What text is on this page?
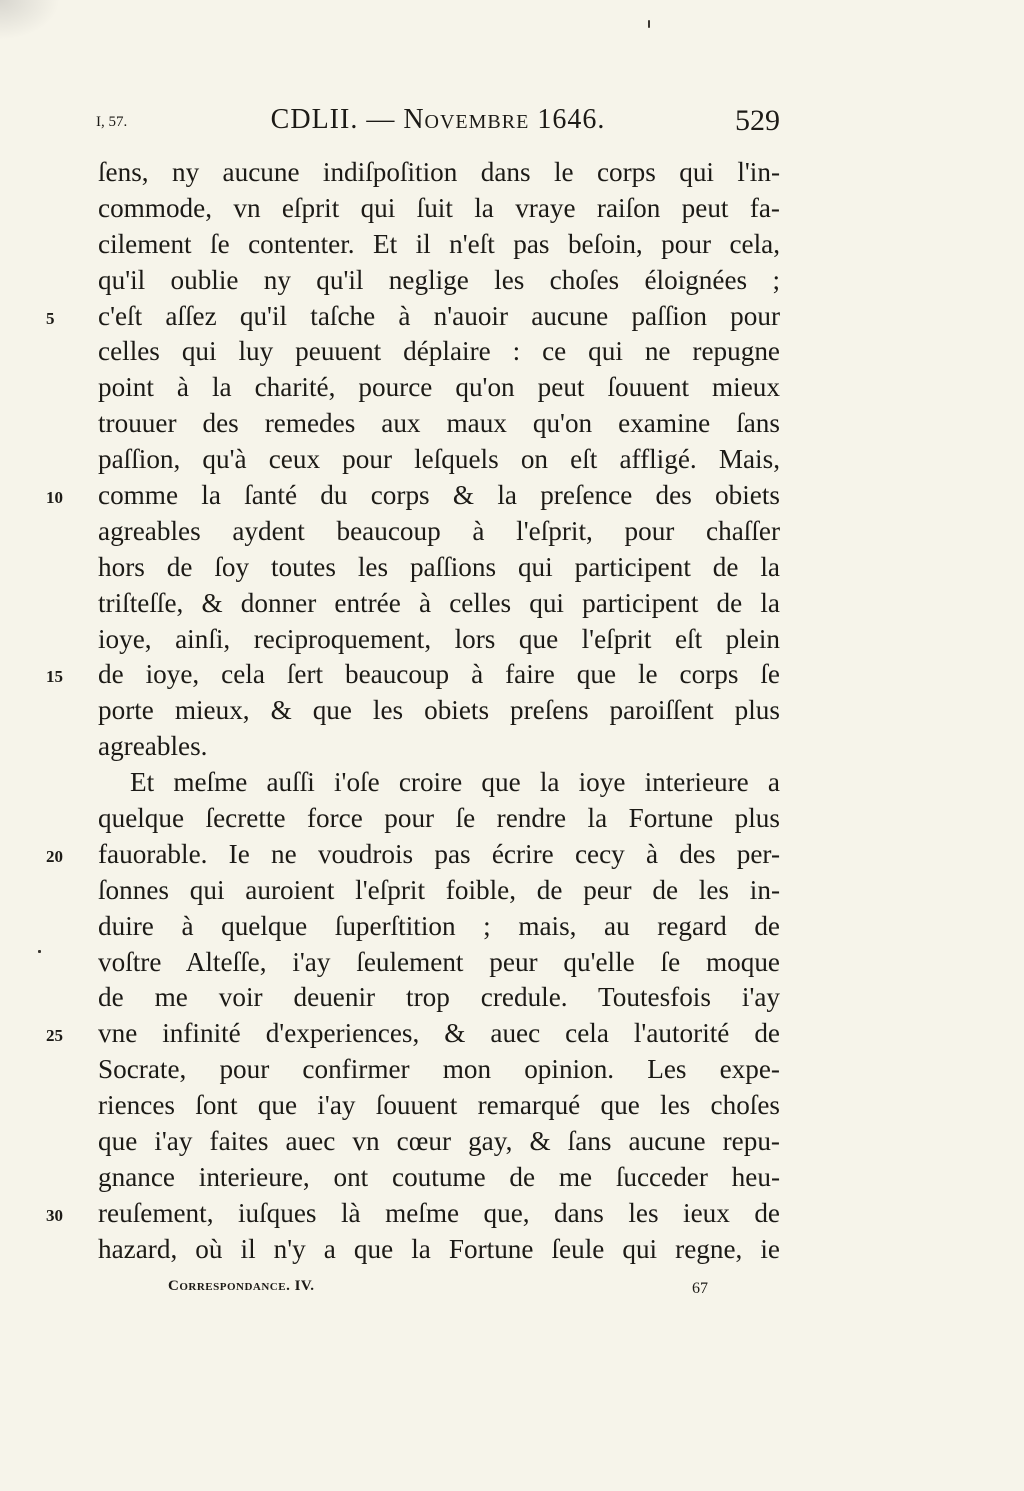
I, 57.	CDLII. — Novembre 1646.	529
ſens, ny aucune indiſpoſition dans le corps qui l'in-
commode, vn eſprit qui ſuit la vraye raiſon peut fa-
cilement ſe contenter. Et il n'eſt pas beſoin, pour cela,
qu'il oublie ny qu'il neglige les choſes éloignées ;
5	c'eſt aſſez qu'il taſche à n'auoir aucune paſſion pour
celles qui luy peuuent déplaire : ce qui ne repugne
point à la charité, pource qu'on peut ſouuent mieux
trouuer des remedes aux maux qu'on examine ſans
paſſion, qu'à ceux pour leſquels on eſt affligé. Mais,
10	comme la ſanté du corps & la preſence des obiets
agreables aydent beaucoup à l'eſprit, pour chaſſer
hors de ſoy toutes les paſſions qui participent de la
triſteſſe, & donner entrée à celles qui participent de la
ioye, ainſi, reciproquement, lors que l'eſprit eſt plein
15	de ioye, cela ſert beaucoup à faire que le corps ſe
porte mieux, & que les obiets preſens paroiſſent plus
agreables.
Et meſme auſſi i'oſe croire que la ioye interieure a
quelque ſecrette force pour ſe rendre la Fortune plus
20	fauorable. Ie ne voudrois pas écrire cecy à des per-
ſonnes qui auroient l'eſprit foible, de peur de les in-
duire à quelque ſuperſtition ; mais, au regard de
voſtre Alteſſe, i'ay ſeulement peur qu'elle ſe moque
de me voir deuenir trop credule. Toutesfois i'ay
25	vne infinité d'experiences, & auec cela l'autorité de
Socrate, pour confirmer mon opinion. Les expe-
riences ſont que i'ay ſouuent remarqué que les choſes
que i'ay faites auec vn cœur gay, & ſans aucune repu-
gnance interieure, ont coutume de me ſucceder heu-
30	reuſement, iuſques là meſme que, dans les ieux de
hazard, où il n'y a que la Fortune ſeule qui regne, ie
Correspondance. IV.	67
